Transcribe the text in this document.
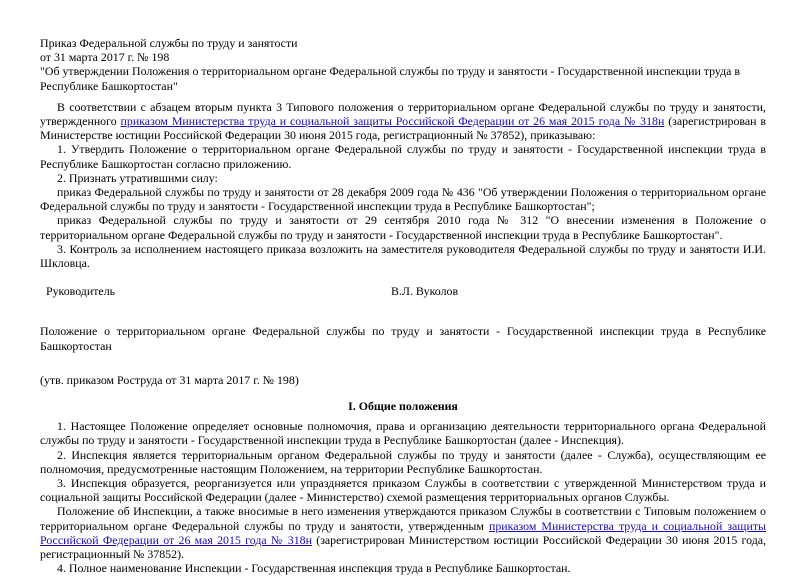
Приказ Федеральной службы по труду и занятости

от 31 марта 2017 г. № 198

"Об утверждении Положения о территориальном органе Федеральной службы по труду и занятости - Государственной инспекции труда в Республике Башкортостан"

В соответствии с абзацем вторым пункта 3 Типового положения о территориальном органе Федеральной службы по труду и занятости, утвержденного приказом Министерства труда и социальной защиты Российской Федерации от 26 мая 2015 года № 318н (зарегистрирован в Министерстве юстиции Российской Федерации 30 июня 2015 года, регистрационный № 37852), приказываю:

1. Утвердить Положение о территориальном органе Федеральной службы по труду и занятости - Государственной инспекции труда в Республике Башкортостан согласно приложению.

2. Признать утратившими силу:

приказ Федеральной службы по труду и занятости от 28 декабря 2009 года № 436 "Об утверждении Положения о территориальном органе Федеральной службы по труду и занятости - Государственной инспекции труда в Республике Башкортостан";

приказ Федеральной службы по труду и занятости от 29 сентября 2010 года № 312 "О внесении изменения в Положение о территориальном органе Федеральной службы по труду и занятости - Государственной инспекции труда в Республике Башкортостан".

3. Контроль за исполнением настоящего приказа возложить на заместителя руководителя Федеральной службы по труду и занятости И.И. Шкловца.

Руководитель	В.Л. Вуколов

Положение о территориальном органе Федеральной службы по труду и занятости - Государственной инспекции труда в Республике Башкортостан

(утв. приказом Роструда от 31 марта 2017 г. № 198)

I. Общие положения

1. Настоящее Положение определяет основные полномочия, права и организацию деятельности территориального органа Федеральной службы по труду и занятости - Государственной инспекции труда в Республике Башкортостан (далее - Инспекция).

2. Инспекция является территориальным органом Федеральной службы по труду и занятости (далее - Служба), осуществляющим ее полномочия, предусмотренные настоящим Положением, на территории Республике Башкортостан.

3. Инспекция образуется, реорганизуется или упраздняется приказом Службы в соответствии с утвержденной Министерством труда и социальной защиты Российской Федерации (далее - Министерство) схемой размещения территориальных органов Службы.

Положение об Инспекции, а также вносимые в него изменения утверждаются приказом Службы в соответствии с Типовым положением о территориальном органе Федеральной службы по труду и занятости, утвержденным приказом Министерства труда и социальной защиты Российской Федерации от 26 мая 2015 года № 318н (зарегистрирован Министерством юстиции Российской Федерации 30 июня 2015 года, регистрационный № 37852).

4. Полное наименование Инспекции - Государственная инспекция труда в Республике Башкортостан.
